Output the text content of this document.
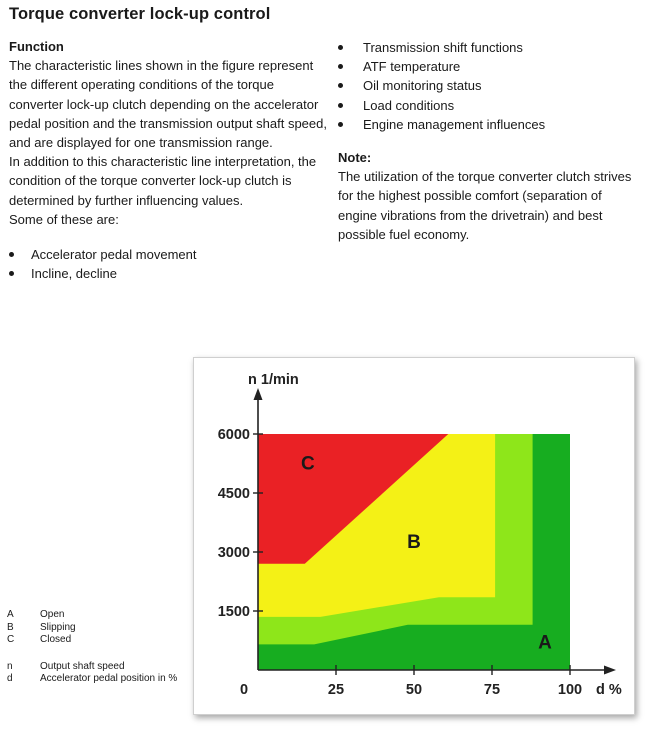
Torque converter lock-up control
Function

The characteristic lines shown in the figure represent the different operating conditions of the torque converter lock-up clutch depending on the accelerator pedal position and the transmission output shaft speed, and are displayed for one transmission range.

In addition to this characteristic line interpretation, the condition of the torque converter lock-up clutch is determined by further influencing values.

Some of these are:

Accelerator pedal movement
Incline, decline
Transmission shift functions
ATF temperature
Oil monitoring status
Load conditions
Engine management influences
Note:

The utilization of the torque converter clutch strives for the highest possible comfort (separation of engine vibrations from the drivetrain) and best possible fuel economy.

A	Open
B	Slipping
C	Closed
n	Output shaft speed
d	Accelerator pedal position in %
0	25	50	75	100
1500
3000
4500
6000
n 1/min
d %
A
B
C
